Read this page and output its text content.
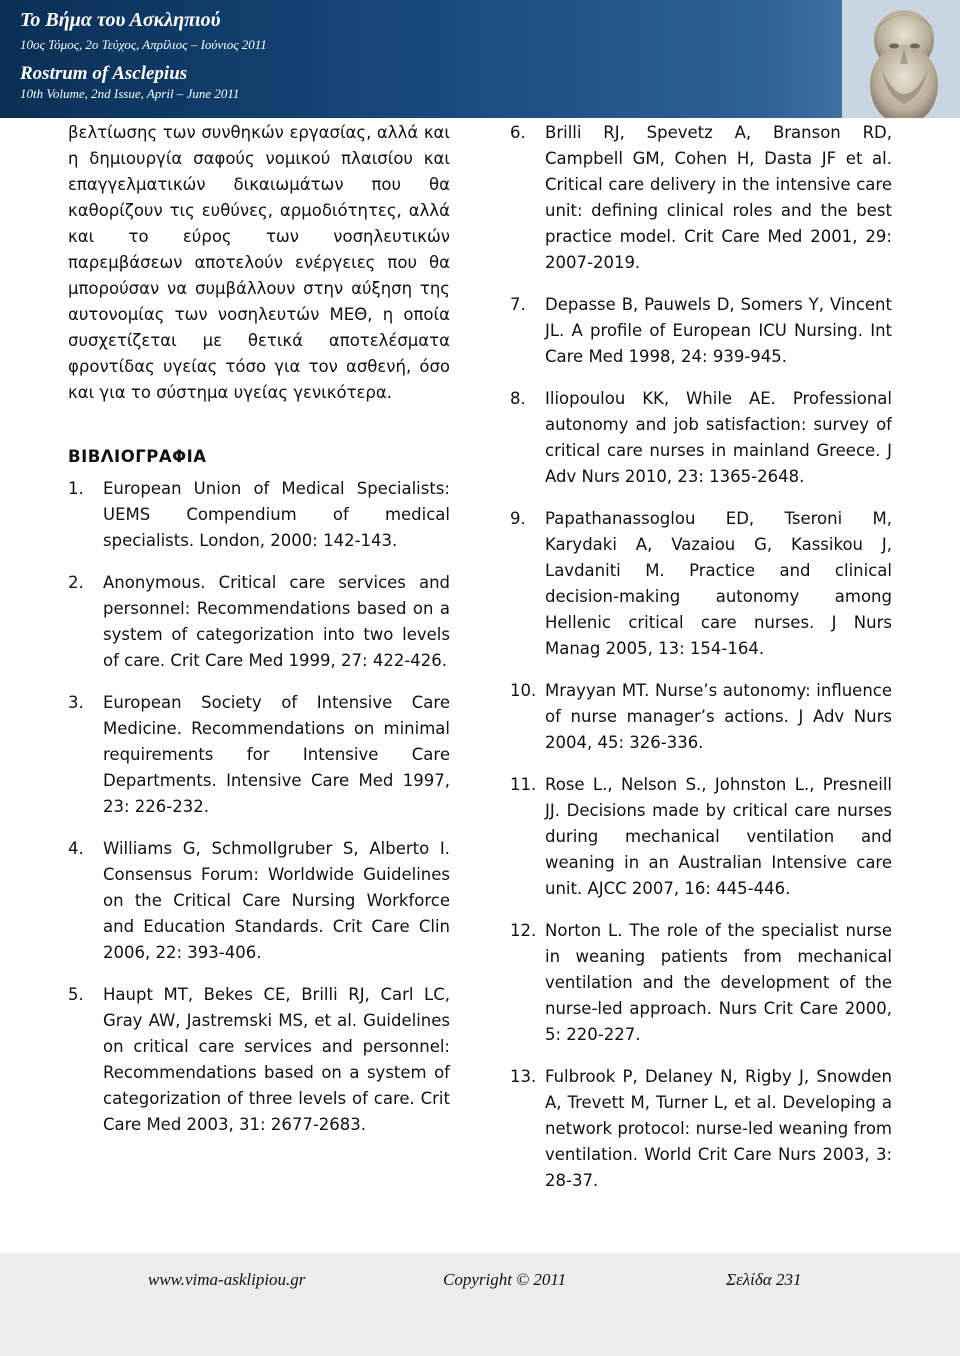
Το Βήμα του Ασκληπιού
10ος Τόμος, 2ο Τεύχος, Απρίλιος – Ιούνιος 2011
Rostrum of Asclepius
10th Volume, 2nd Issue, April – June 2011

βελτίωσης των συνθηκών εργασίας, αλλά και η δημιουργία σαφούς νομικού πλαισίου και επαγγελματικών δικαιωμάτων που θα καθορίζουν τις ευθύνες, αρμοδιότητες, αλλά και το εύρος των νοσηλευτικών παρεμβάσεων αποτελούν ενέργειες που θα μπορούσαν να συμβάλλουν στην αύξηση της αυτονομίας των νοσηλευτών ΜΕΘ, η οποία συσχετίζεται με θετικά αποτελέσματα φροντίδας υγείας τόσο για τον ασθενή, όσο και για το σύστημα υγείας γενικότερα.

ΒΙΒΛΙΟΓΡΑΦΙΑ
1.	European Union of Medical Specialists: UEMS Compendium of medical specialists. London, 2000: 142-143.
2.	Anonymous. Critical care services and personnel: Recommendations based on a system of categorization into two levels of care. Crit Care Med 1999, 27: 422-426.
3.	European Society of Intensive Care Medicine. Recommendations on minimal requirements for Intensive Care Departments. Intensive Care Med 1997, 23: 226-232.
4.	Williams G, SchmoIlgruber S, Alberto I. Consensus Forum: Worldwide Guidelines on the Critical Care Nursing Workforce and Education Standards. Crit Care Clin 2006, 22: 393-406.
5.	Haupt MT, Bekes CE, Brilli RJ, Carl LC, Gray AW, Jastremski MS, et al. Guidelines on critical care services and personnel: Recommendations based on a system of categorization of three levels of care. Crit Care Med 2003, 31: 2677-2683.
6.	Brilli RJ, Spevetz A, Branson RD, Campbell GM, Cohen H, Dasta JF et al. Critical care delivery in the intensive care unit: defining clinical roles and the best practice model. Crit Care Med 2001, 29: 2007-2019.
7.	Depasse B, Pauwels D, Somers Y, Vincent JL. A profile of European ICU Nursing. Int Care Med 1998, 24: 939-945.
8.	Iliopoulou KK, While AE. Professional autonomy and job satisfaction: survey of critical care nurses in mainland Greece. J Adv Nurs 2010, 23: 1365-2648.
9.	Papathanassoglou ED, Tseroni M, Karydaki A, Vazaiou G, Kassikou J, Lavdaniti M. Practice and clinical decision-making autonomy among Hellenic critical care nurses. J Nurs Manag 2005, 13: 154-164.
10. Mrayyan MT. Nurse’s autonomy: influence of nurse manager’s actions. J Adv Nurs 2004, 45: 326-336.
11. Rose L., Nelson S., Johnston L., Presneill JJ. Decisions made by critical care nurses during mechanical ventilation and weaning in an Australian Intensive care unit. AJCC 2007, 16: 445-446.
12. Norton L. The role of the specialist nurse in weaning patients from mechanical ventilation and the development of the nurse-led approach. Nurs Crit Care 2000, 5: 220-227.
13. Fulbrook P, Delaney N, Rigby J, Snowden A, Trevett M, Turner L, et al. Developing a network protocol: nurse-led weaning from ventilation. World Crit Care Nurs 2003, 3: 28-37.
www.vima-asklipiou.gr	Copyright © 2011	Σελίδα 231
